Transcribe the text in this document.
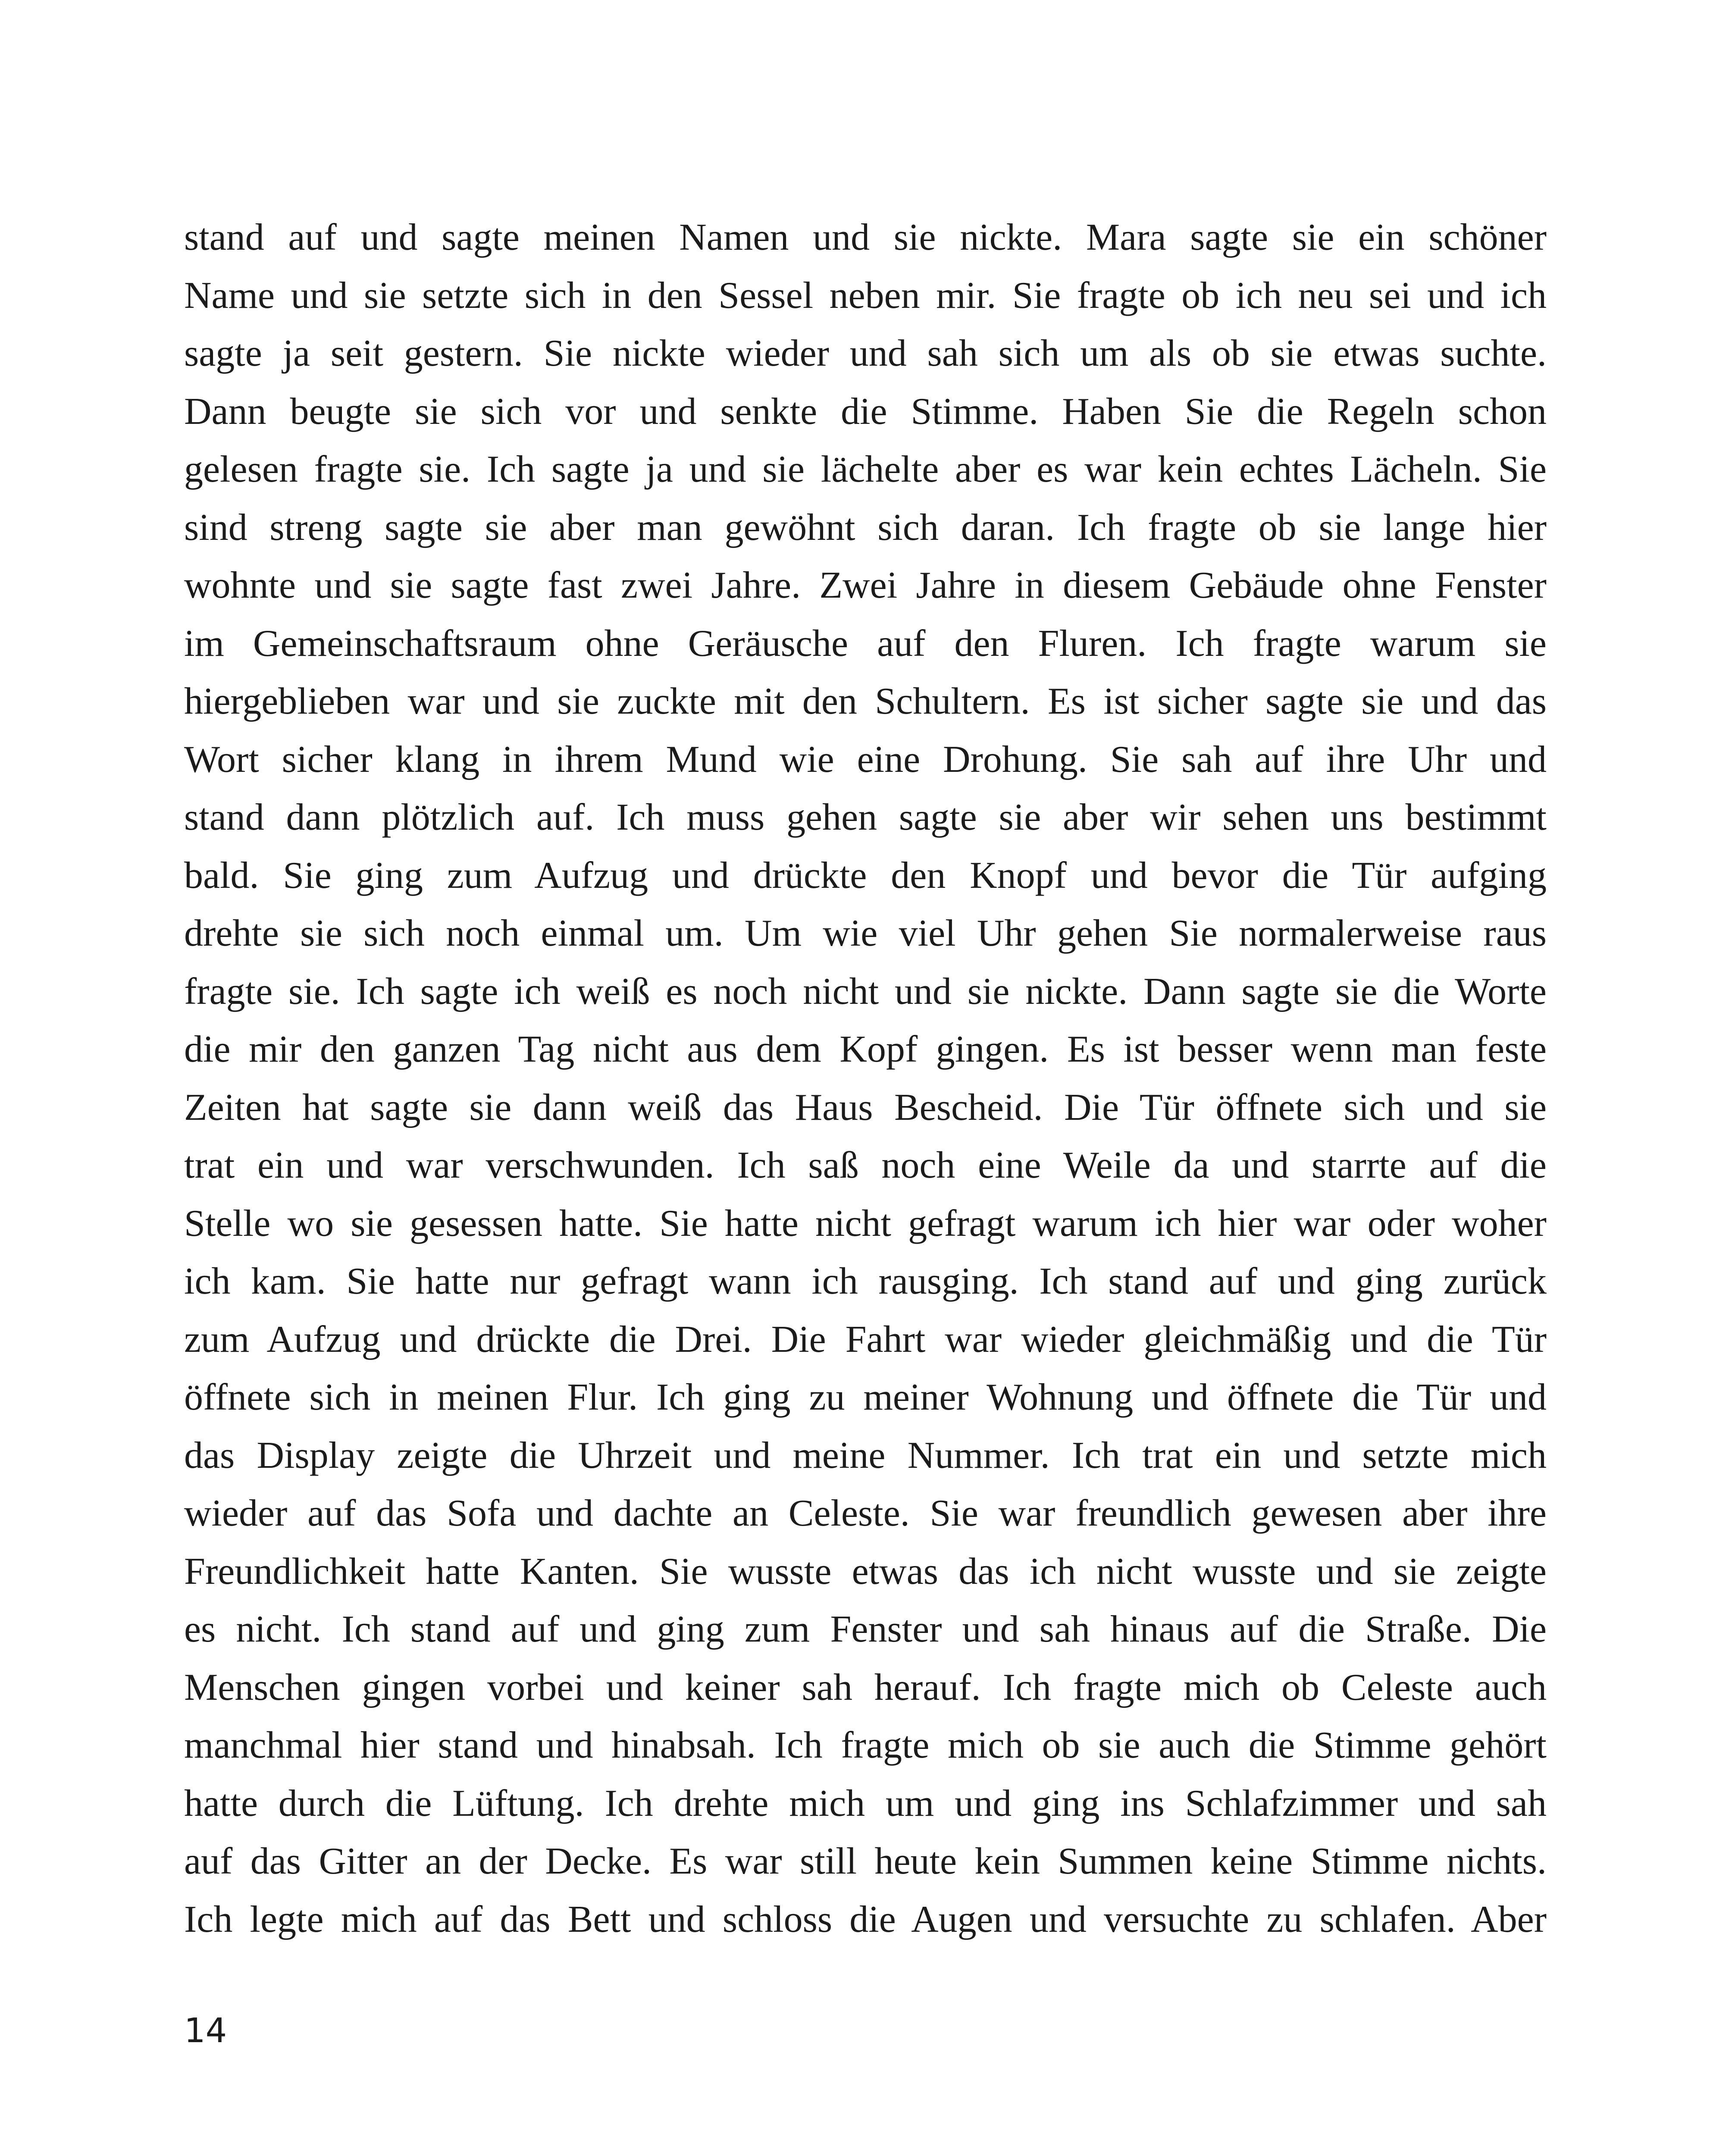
stand auf und sagte meinen Namen und sie nickte. Mara sagte sie ein schöner
Name und sie setzte sich in den Sessel neben mir. Sie fragte ob ich neu sei und ich
sagte ja seit gestern. Sie nickte wieder und sah sich um als ob sie etwas suchte.
Dann beugte sie sich vor und senkte die Stimme. Haben Sie die Regeln schon
gelesen fragte sie. Ich sagte ja und sie lächelte aber es war kein echtes Lächeln. Sie
sind streng sagte sie aber man gewöhnt sich daran. Ich fragte ob sie lange hier
wohnte und sie sagte fast zwei Jahre. Zwei Jahre in diesem Gebäude ohne Fenster
im Gemeinschaftsraum ohne Geräusche auf den Fluren. Ich fragte warum sie
hiergeblieben war und sie zuckte mit den Schultern. Es ist sicher sagte sie und das
Wort sicher klang in ihrem Mund wie eine Drohung. Sie sah auf ihre Uhr und
stand dann plötzlich auf. Ich muss gehen sagte sie aber wir sehen uns bestimmt
bald. Sie ging zum Aufzug und drückte den Knopf und bevor die Tür aufging
drehte sie sich noch einmal um. Um wie viel Uhr gehen Sie normalerweise raus
fragte sie. Ich sagte ich weiß es noch nicht und sie nickte. Dann sagte sie die Worte
die mir den ganzen Tag nicht aus dem Kopf gingen. Es ist besser wenn man feste
Zeiten hat sagte sie dann weiß das Haus Bescheid. Die Tür öffnete sich und sie
trat ein und war verschwunden. Ich saß noch eine Weile da und starrte auf die
Stelle wo sie gesessen hatte. Sie hatte nicht gefragt warum ich hier war oder woher
ich kam. Sie hatte nur gefragt wann ich rausging. Ich stand auf und ging zurück
zum Aufzug und drückte die Drei. Die Fahrt war wieder gleichmäßig und die Tür
öffnete sich in meinen Flur. Ich ging zu meiner Wohnung und öffnete die Tür und
das Display zeigte die Uhrzeit und meine Nummer. Ich trat ein und setzte mich
wieder auf das Sofa und dachte an Celeste. Sie war freundlich gewesen aber ihre
Freundlichkeit hatte Kanten. Sie wusste etwas das ich nicht wusste und sie zeigte
es nicht. Ich stand auf und ging zum Fenster und sah hinaus auf die Straße. Die
Menschen gingen vorbei und keiner sah herauf. Ich fragte mich ob Celeste auch
manchmal hier stand und hinabsah. Ich fragte mich ob sie auch die Stimme gehört
hatte durch die Lüftung. Ich drehte mich um und ging ins Schlafzimmer und sah
auf das Gitter an der Decke. Es war still heute kein Summen keine Stimme nichts.
Ich legte mich auf das Bett und schloss die Augen und versuchte zu schlafen. Aber
14
